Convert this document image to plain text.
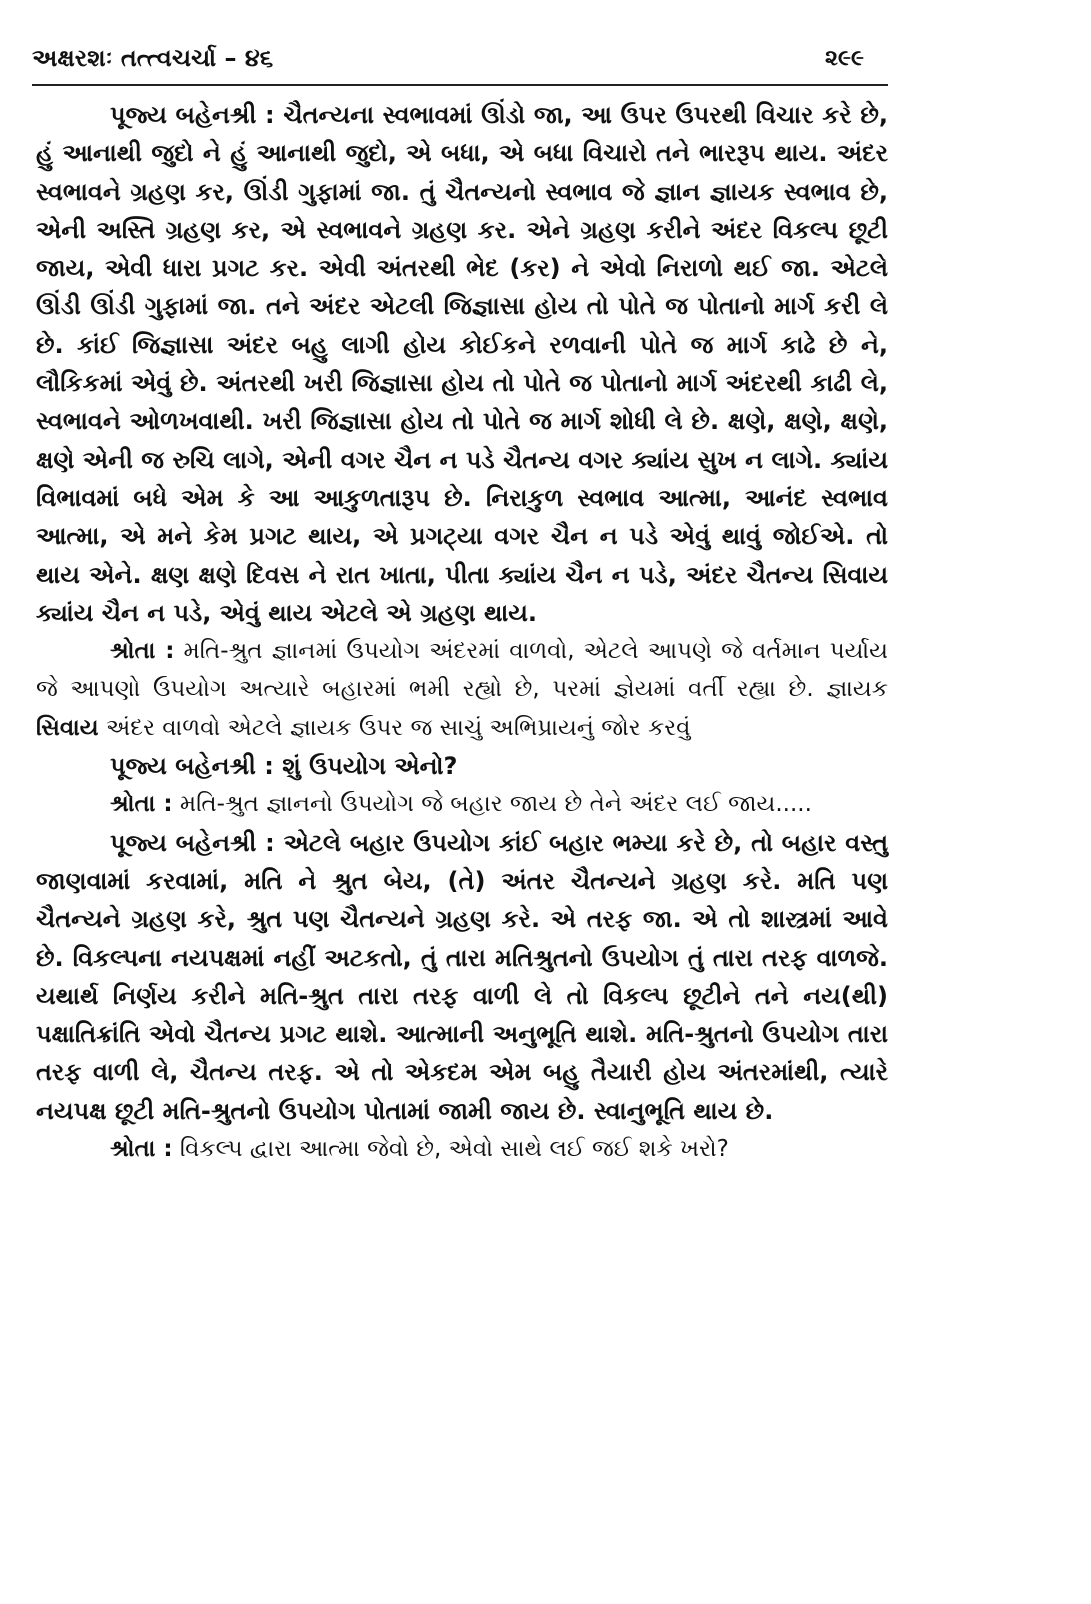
અક્ષરશઃ તત્ત્વચર્ચા – ૪૬	૨૯૯

પૂજ્ય બહેનશ્રી : ચૈતન્યના સ્વભાવમાં ઊંડો જા, આ ઉપર ઉપરથી વિચાર કરે છે, હું આનાથી જુદો ને હું આનાથી જુદો, એ બધા, એ બધા વિચારો તને ભારરૂપ થાય. અંદર સ્વભાવને ગ્રહણ કર, ઊંડી ગુફામાં જા. તું ચૈતન્યનો સ્વભાવ જે જ્ઞાન જ્ઞાયક સ્વભાવ છે, એની અસ્તિ ગ્રહણ કર, એ સ્વભાવને ગ્રહણ કર. એને ગ્રહણ કરીને અંદર વિકલ્પ છૂટી જાય, એવી ધારા પ્રગટ કર. એવી અંતરથી ભેદ (કર) ને એવો નિરાળો થઈ જા. એટલે ઊંડી ઊંડી ગુફામાં જા. તને અંદર એટલી જિજ્ઞાસા હોય તો પોતે જ પોતાનો માર્ગ કરી લે છે. કાંઈ જિજ્ઞાસા અંદર બહુ લાગી હોય કોઈકને રળવાની પોતે જ માર્ગ કાઢે છે ને, લૌકિકમાં એવું છે. અંતરથી ખરી જિજ્ઞાસા હોય તો પોતે જ પોતાનો માર્ગ અંદરથી કાઢી લે, સ્વભાવને ઓળખવાથી. ખરી જિજ્ઞાસા હોય તો પોતે જ માર્ગ શોધી લે છે. ક્ષણે, ક્ષણે, ક્ષણે, ક્ષણે એની જ રુચિ લાગે, એની વગર ચૈન ન પડે ચૈતન્ય વગર ક્યાંય સુખ ન લાગે. ક્યાંય વિભાવમાં બધે એમ કે આ આકુળતારૂપ છે. નિરાકુળ સ્વભાવ આત્મા, આનંદ સ્વભાવ આત્મા, એ મને કેમ પ્રગટ થાય, એ પ્રગટ્યા વગર ચૈન ન પડે એવું થાવું જોઈએ. તો થાય એને. ક્ષણ ક્ષણે દિવસ ને રાત ખાતા, પીતા ક્યાંય ચૈન ન પડે, અંદર ચૈતન્ય સિવાય ક્યાંય ચૈન ન પડે, એવું થાય એટલે એ ગ્રહણ થાય.

શ્રોતા : મતિ-શ્રુત જ્ઞાનમાં ઉપયોગ અંદરમાં વાળવો, એટલે આપણે જે વર્તમાન પર્યાય જે આપણો ઉપયોગ અત્યારે બહારમાં ભમી રહ્યો છે, પરમાં જ્ઞેયમાં વર્તી રહ્યા છે. જ્ઞાયક સિવાય અંદર વાળવો એટલે જ્ઞાયક ઉપર જ સાચું અભિપ્રાયનું જોર કરવું

પૂજ્ય બહેનશ્રી : શું ઉપયોગ એનો?

શ્રોતા : મતિ-શ્રુત જ્ઞાનનો ઉપયોગ જે બહાર જાય છે તેને અંદર લઈ જાય.....

પૂજ્ય બહેનશ્રી : એટલે બહાર ઉપયોગ કાંઈ બહાર ભમ્યા કરે છે, તો બહાર વસ્તુ જાણવામાં કરવામાં, મતિ ને શ્રુત બેય, (તે) અંતર ચૈતન્યને ગ્રહણ કરે. મતિ પણ ચૈતન્યને ગ્રહણ કરે, શ્રુત પણ ચૈતન્યને ગ્રહણ કરે. એ તરફ જા. એ તો શાસ્ત્રમાં આવે છે. વિકલ્પના નયપક્ષમાં નહીં અટકતો, તું તારા મતિશ્રુતનો ઉપયોગ તું તારા તરફ વાળજે. યથાર્થ નિર્ણય કરીને મતિ-શ્રુત તારા તરફ વાળી લે તો વિકલ્પ છૂટીને તને નય(થી) પક્ષાતિક્રાંતિ એવો ચૈતન્ય પ્રગટ થાશે. આત્માની અનુભૂતિ થાશે. મતિ-શ્રુતનો ઉપયોગ તારા તરફ વાળી લે, ચૈતન્ય તરફ. એ તો એકદમ એમ બહુ તૈયારી હોય અંતરમાંથી, ત્યારે નયપક્ષ છૂટી મતિ-શ્રુતનો ઉપયોગ પોતામાં જામી જાય છે. સ્વાનુભૂતિ થાય છે.

શ્રોતા : વિકલ્પ દ્વારા આત્મા જેવો છે, એવો સાથે લઈ જઈ શકે ખરો?
